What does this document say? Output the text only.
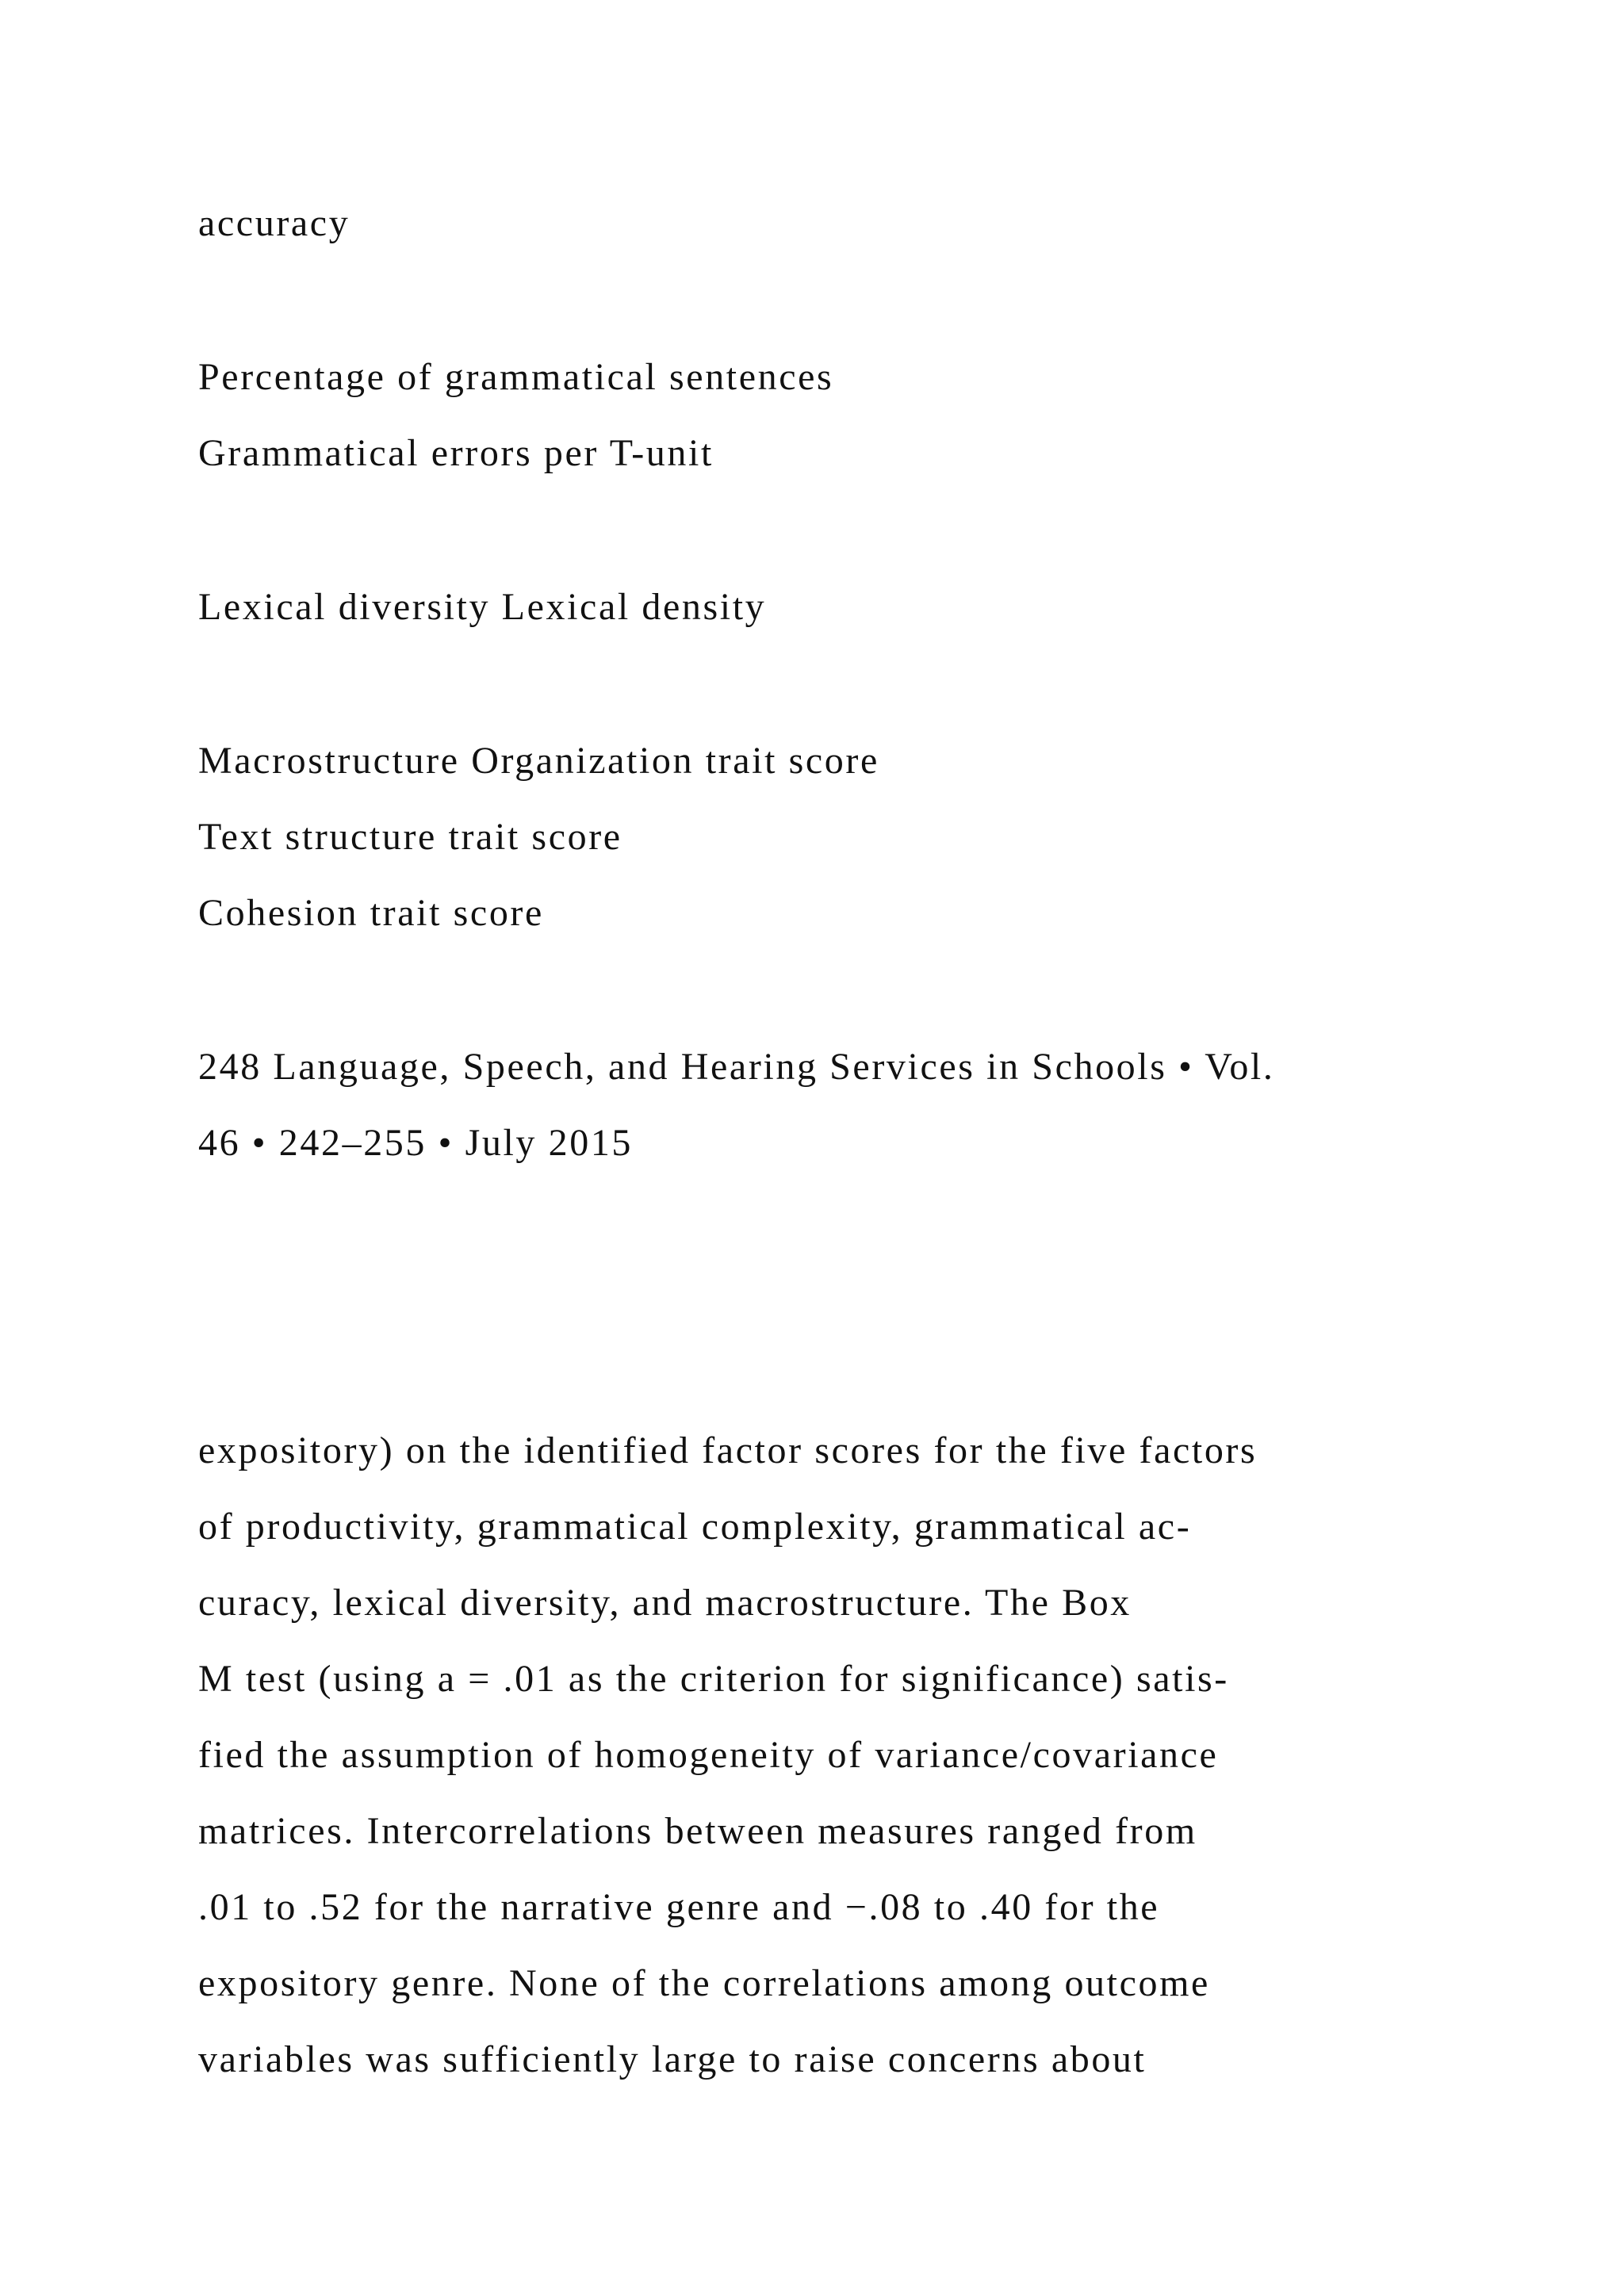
accuracy
Percentage of grammatical sentences
Grammatical errors per T-unit
Lexical diversity Lexical density
Macrostructure Organization trait score
Text structure trait score
Cohesion trait score
248 Language, Speech, and Hearing Services in Schools • Vol.
46 • 242–255 • July 2015
expository) on the identified factor scores for the five factors
of productivity, grammatical complexity, grammatical ac-
curacy, lexical diversity, and macrostructure. The Box
M test (using a = .01 as the criterion for significance) satis-
fied the assumption of homogeneity of variance/covariance
matrices. Intercorrelations between measures ranged from
.01 to .52 for the narrative genre and −.08 to .40 for the
expository genre. None of the correlations among outcome
variables was sufficiently large to raise concerns about
